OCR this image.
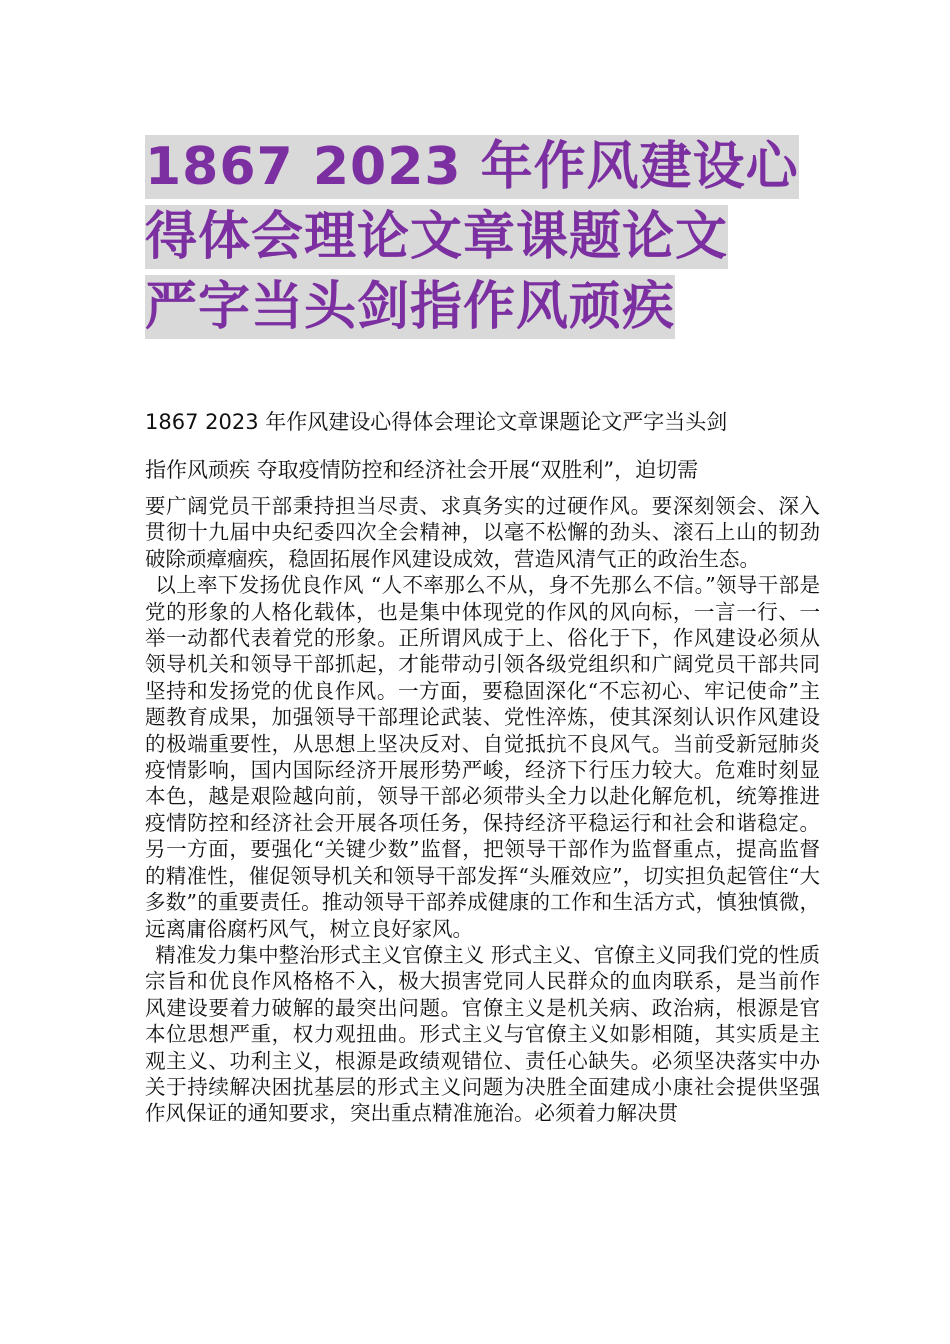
1867 2023 年作风建设心
得体会理论文章课题论文
严字当头剑指作风顽疾

1867 2023 年作风建设心得体会理论文章课题论文严字当头剑

指作风顽疾 夺取疫情防控和经济社会开展“双胜利”，迫切需

要广阔党员干部秉持担当尽责、求真务实的过硬作风。要深刻领会、深入贯彻十九届中央纪委四次全会精神，以毫不松懈的劲头、滚石上山的韧劲破除顽瘴痼疾，稳固拓展作风建设成效，营造风清气正的政治生态。

以上率下发扬优良作风 “人不率那么不从，身不先那么不信。”领导干部是党的形象的人格化载体，也是集中体现党的作风的风向标，一言一行、一举一动都代表着党的形象。正所谓风成于上、俗化于下，作风建设必须从领导机关和领导干部抓起，才能带动引领各级党组织和广阔党员干部共同坚持和发扬党的优良作风。一方面，要稳固深化“不忘初心、牢记使命”主题教育成果，加强领导干部理论武装、党性淬炼，使其深刻认识作风建设的极端重要性，从思想上坚决反对、自觉抵抗不良风气。当前受新冠肺炎疫情影响，国内国际经济开展形势严峻，经济下行压力较大。危难时刻显本色，越是艰险越向前，领导干部必须带头全力以赴化解危机，统筹推进疫情防控和经济社会开展各项任务，保持经济平稳运行和社会和谐稳定。另一方面，要强化“关键少数”监督，把领导干部作为监督重点，提高监督的精准性，催促领导机关和领导干部发挥“头雁效应”，切实担负起管住“大多数”的重要责任。推动领导干部养成健康的工作和生活方式，慎独慎微，远离庸俗腐朽风气，树立良好家风。

精准发力集中整治形式主义官僚主义 形式主义、官僚主义同我们党的性质宗旨和优良作风格格不入，极大损害党同人民群众的血肉联系，是当前作风建设要着力破解的最突出问题。官僚主义是机关病、政治病，根源是官本位思想严重，权力观扭曲。形式主义与官僚主义如影相随，其实质是主观主义、功利主义，根源是政绩观错位、责任心缺失。必须坚决落实中办关于持续解决困扰基层的形式主义问题为决胜全面建成小康社会提供坚强作风保证的通知要求，突出重点精准施治。必须着力解决贯
